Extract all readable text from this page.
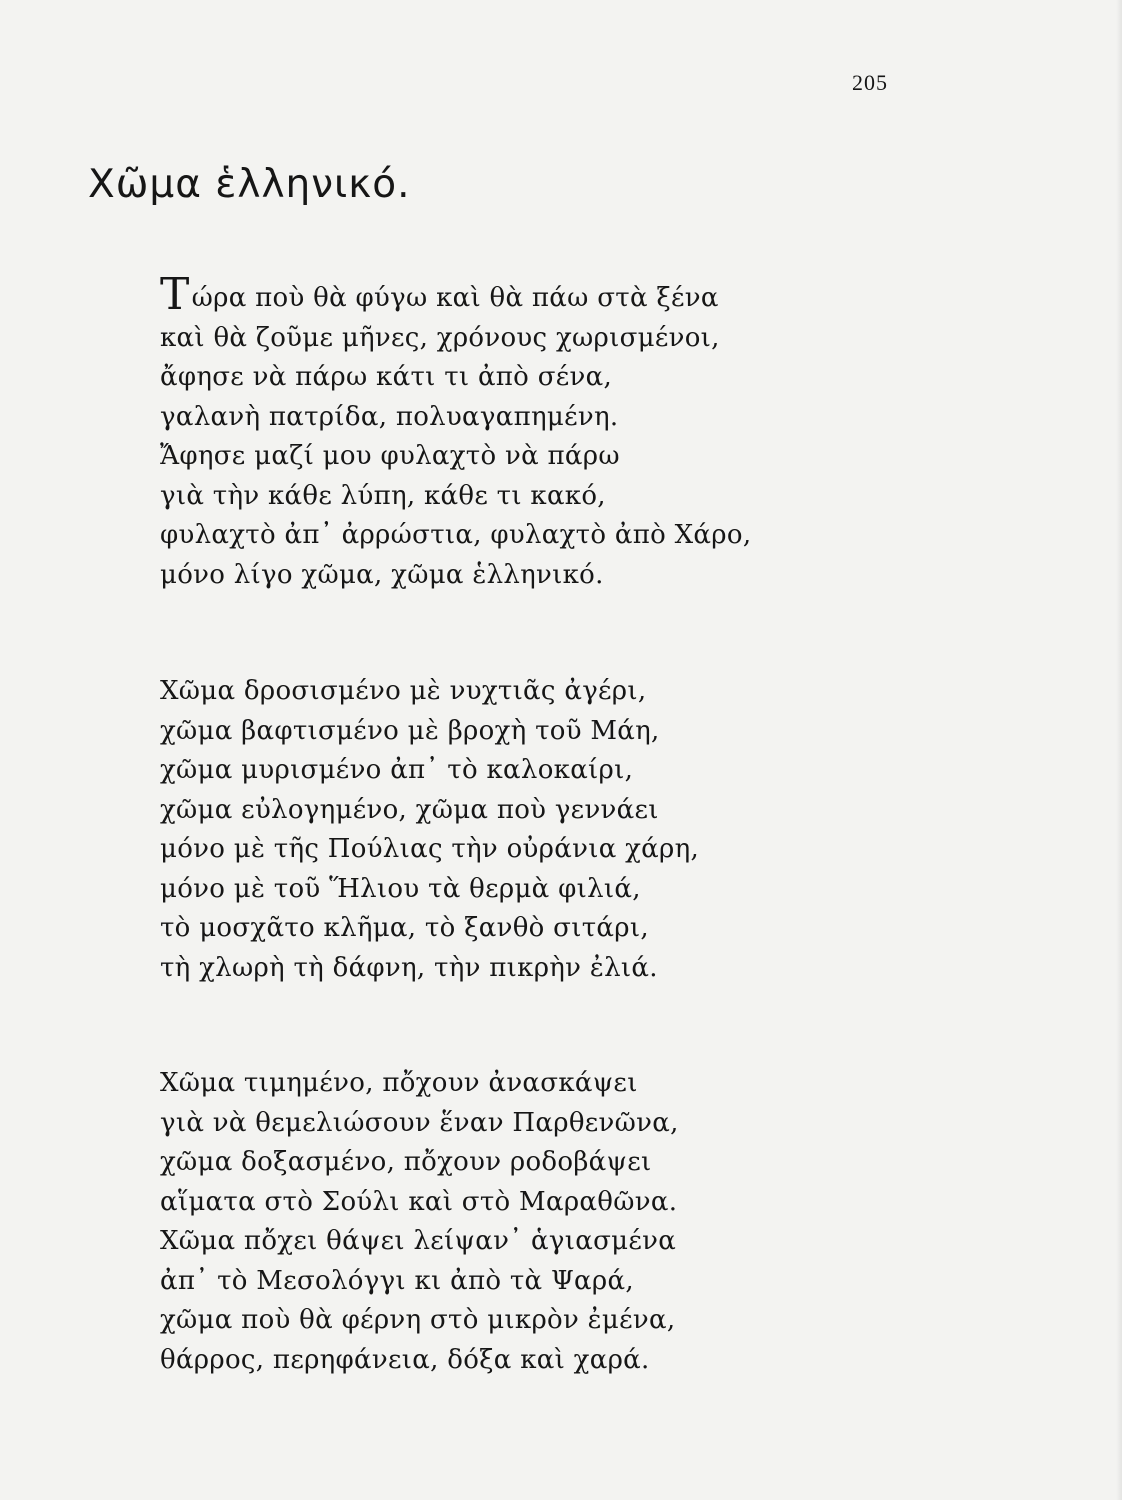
205
Χῶμα ἑλληνικό.
Τώρα ποὺ θὰ φύγω καὶ θὰ πάω στὰ ξένα
καὶ θὰ ζοῦμε μῆνες, χρόνους χωρισμένοι,
ἄφησε νὰ πάρω κάτι τι ἀπὸ σένα,
γαλανὴ πατρίδα, πολυαγαπημένη.
Ἄφησε μαζί μου φυλαχτὸ νὰ πάρω
γιὰ τὴν κάθε λύπη, κάθε τι κακό,
φυλαχτὸ ἀπ᾿ ἀρρώστια, φυλαχτὸ ἀπὸ Χάρο,
μόνο λίγο χῶμα, χῶμα ἑλληνικό.
Χῶμα δροσισμένο μὲ νυχτιᾶς ἀγέρι,
χῶμα βαφτισμένο μὲ βροχὴ τοῦ Μάη,
χῶμα μυρισμένο ἀπ᾿ τὸ καλοκαίρι,
χῶμα εὐλογημένο, χῶμα ποὺ γεννάει
μόνο μὲ τῆς Πούλιας τὴν οὐράνια χάρη,
μόνο μὲ τοῦ Ἥλιου τὰ θερμὰ φιλιά,
τὸ μοσχᾶτο κλῆμα, τὸ ξανθὸ σιτάρι,
τὴ χλωρὴ τὴ δάφνη, τὴν πικρὴν ἐλιά.
Χῶμα τιμημένο, πὄχουν ἀνασκάψει
γιὰ νὰ θεμελιώσουν ἕναν Παρθενῶνα,
χῶμα δοξασμένο, πὄχουν ρoδοβάψει
αἵματα στὸ Σούλι καὶ στὸ Μαραθῶνα.
Χῶμα πὄχει θάψει λείψαν᾿ ἁγιασμένα
ἀπ᾿ τὸ Μεσολόγγι κι ἀπὸ τὰ Ψαρά,
χῶμα ποὺ θὰ φέρνη στὸ μικρὸν ἐμένα,
θάρρος, περηφάνεια, δόξα καὶ χαρά.
